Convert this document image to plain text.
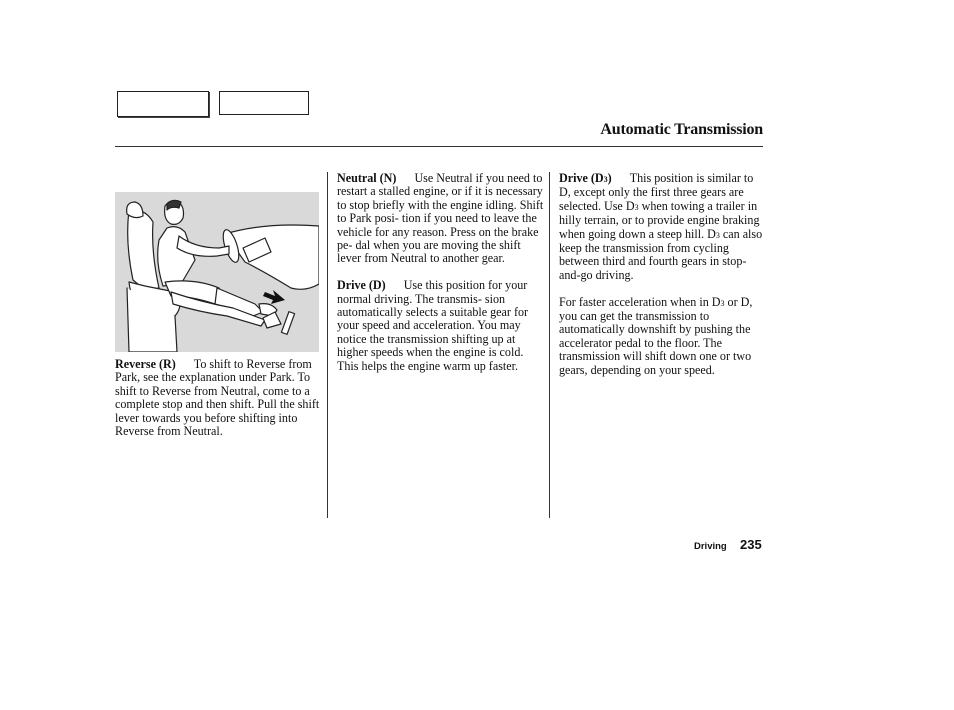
Automatic Transmission

Reverse (R) To shift to Reverse from Park, see the explanation under Park. To shift to Reverse from Neutral, come to a complete stop and then shift. Pull the shift lever towards you before shifting into Reverse from Neutral.

Neutral (N) Use Neutral if you need to restart a stalled engine, or if it is necessary to stop briefly with the engine idling. Shift to Park posi- tion if you need to leave the vehicle for any reason. Press on the brake pe- dal when you are moving the shift lever from Neutral to another gear.

Drive (D) Use this position for your normal driving. The transmis- sion automatically selects a suitable gear for your speed and acceleration. You may notice the transmission shifting up at higher speeds when the engine is cold. This helps the engine warm up faster.

Drive (D3) This position is similar to D, except only the first three gears are selected. Use D3 when towing a trailer in hilly terrain, or to provide engine braking when going down a steep hill. D3 can also keep the transmission from cycling between third and fourth gears in stop-and-go driving.

For faster acceleration when in D3 or D, you can get the transmission to automatically downshift by pushing the accelerator pedal to the floor. The transmission will shift down one or two gears, depending on your speed.

Driving 235
